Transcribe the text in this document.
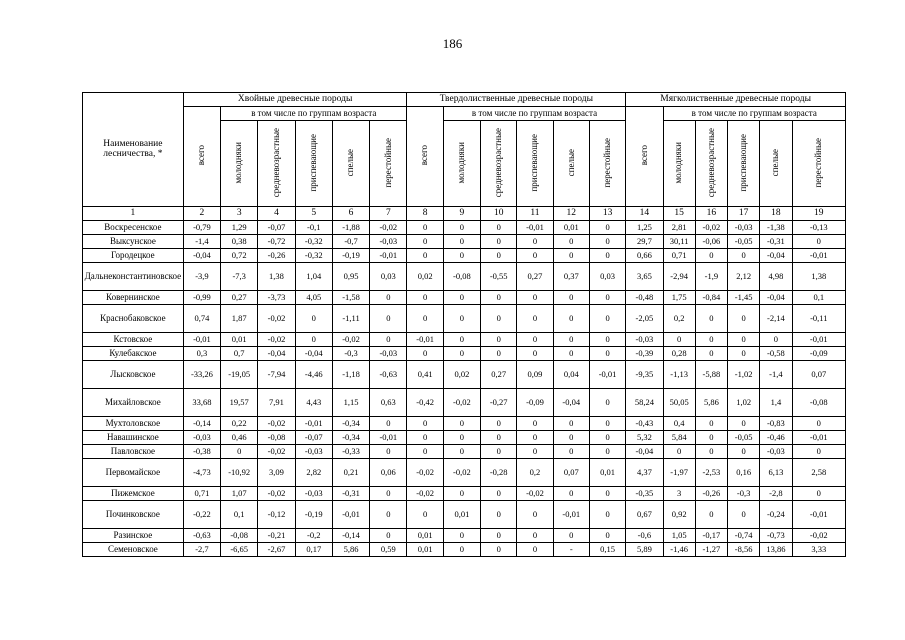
186
Наименование лесничества, *	Хвойные древесные породы						Твердолиственные древесные породы						Мягколиственные древесные породы					
	всего	в том числе по группам возраста					всего	в том числе по группам возраста					всего	в том числе по группам возраста				
		молодняки	средневозрастные	приспевающие	спелые	перестойные		молодняки	средневозрастные	приспевающие	спелые	перестойные		молодняки	средневозрастные	приспевающие	спелые	перестойные
1	2	3	4	5	6	7	8	9	10	11	12	13	14	15	16	17	18	19
Воскресенское	-0,79	1,29	-0,07	-0,1	-1,88	-0,02	0	0	0	-0,01	0,01	0	1,25	2,81	-0,02	-0,03	-1,38	-0,13
Выксунское	-1,4	0,38	-0,72	-0,32	-0,7	-0,03	0	0	0	0	0	0	29,7	30,11	-0,06	-0,05	-0,31	0
Городецкое	-0,04	0,72	-0,26	-0,32	-0,19	-0,01	0	0	0	0	0	0	0,66	0,71	0	0	-0,04	-0,01
Дальнеконстантиновское	-3,9	-7,3	1,38	1,04	0,95	0,03	0,02	-0,08	-0,55	0,27	0,37	0,03	3,65	-2,94	-1,9	2,12	4,98	1,38
Ковернинское	-0,99	0,27	-3,73	4,05	-1,58	0	0	0	0	0	0	0	-0,48	1,75	-0,84	-1,45	-0,04	0,1
Краснобаковское	0,74	1,87	-0,02	0	-1,11	0	0	0	0	0	0	0	-2,05	0,2	0	0	-2,14	-0,11
Кстовское	-0,01	0,01	-0,02	0	-0,02	0	-0,01	0	0	0	0	0	-0,03	0	0	0	0	-0,01
Кулебакское	0,3	0,7	-0,04	-0,04	-0,3	-0,03	0	0	0	0	0	0	-0,39	0,28	0	0	-0,58	-0,09
Лысковское	-33,26	-19,05	-7,94	-4,46	-1,18	-0,63	0,41	0,02	0,27	0,09	0,04	-0,01	-9,35	-1,13	-5,88	-1,02	-1,4	0,07
Михайловское	33,68	19,57	7,91	4,43	1,15	0,63	-0,42	-0,02	-0,27	-0,09	-0,04	0	58,24	50,05	5,86	1,02	1,4	-0,08
Мухтоловское	-0,14	0,22	-0,02	-0,01	-0,34	0	0	0	0	0	0	0	-0,43	0,4	0	0	-0,83	0
Навашинское	-0,03	0,46	-0,08	-0,07	-0,34	-0,01	0	0	0	0	0	0	5,32	5,84	0	-0,05	-0,46	-0,01
Павловское	-0,38	0	-0,02	-0,03	-0,33	0	0	0	0	0	0	0	-0,04	0	0	0	-0,03	0
Первомайское	-4,73	-10,92	3,09	2,82	0,21	0,06	-0,02	-0,02	-0,28	0,2	0,07	0,01	4,37	-1,97	-2,53	0,16	6,13	2,58
Пижемское	0,71	1,07	-0,02	-0,03	-0,31	0	-0,02	0	0	-0,02	0	0	-0,35	3	-0,26	-0,3	-2,8	0
Починковское	-0,22	0,1	-0,12	-0,19	-0,01	0	0	0,01	0	0	-0,01	0	0,67	0,92	0	0	-0,24	-0,01
Разинское	-0,63	-0,08	-0,21	-0,2	-0,14	0	0,01	0	0	0	0	0	-0,6	1,05	-0,17	-0,74	-0,73	-0,02
Семеновское	-2,7	-6,65	-2,67	0,17	5,86	0,59	0,01	0	0	0	-	0,15	5,89	-1,46	-1,27	-8,56	13,86	3,33
